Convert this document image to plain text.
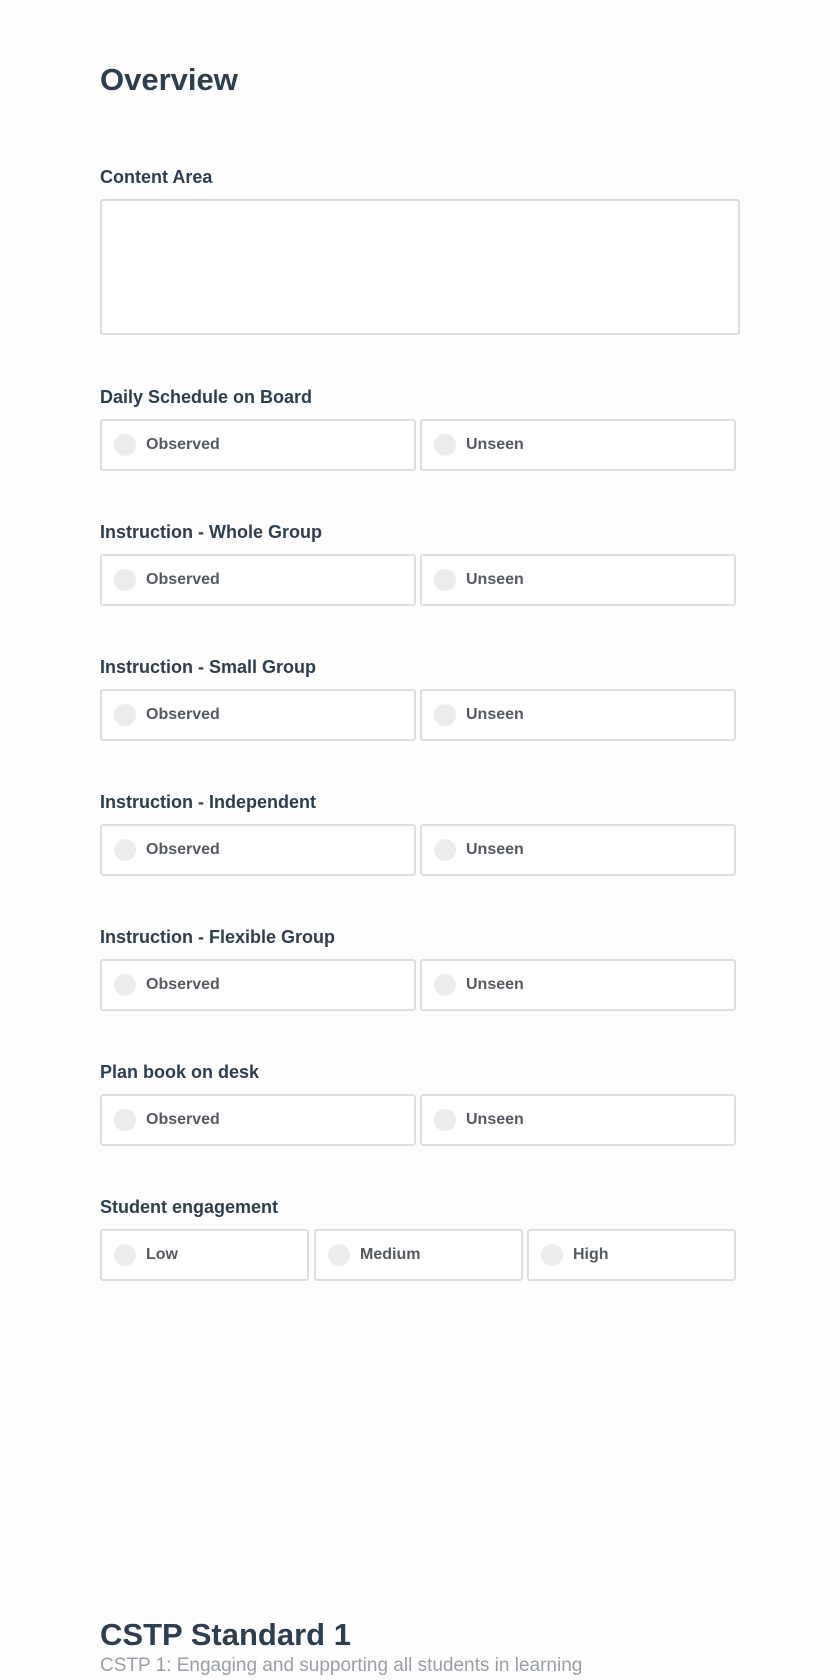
Overview
Content Area
Daily Schedule on Board
Observed	Unseen
Instruction - Whole Group
Observed	Unseen
Instruction - Small Group
Observed	Unseen
Instruction - Independent
Observed	Unseen
Instruction - Flexible Group
Observed	Unseen
Plan book on desk
Observed	Unseen
Student engagement
Low	Medium	High
CSTP Standard 1

CSTP 1: Engaging and supporting all students in learning
